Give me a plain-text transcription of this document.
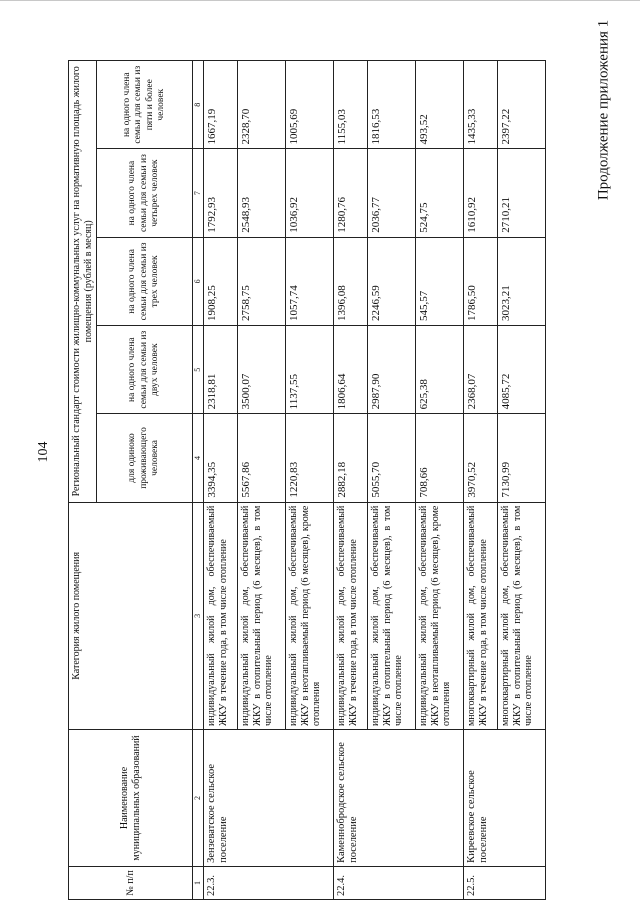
104
Продолжение приложения 1
№ п/п	Наименование муниципальных образований	Категория жилого помещения	Региональный стандарт стоимости жилищно-коммунальных услуг на нормативную площадь жилого помещения (рублей в месяц)				
			для одиноко проживающего человека	на одного члена семьи для семьи из двух человек	на одного члена семьи для семьи из трех человек	на одного члена семьи для семьи из четырех человек	на одного члена семьи для семьи из пяти и более человек
1	2	3	4	5	6	7	8
22.3.	Зензеватское сельское поселение	индивидуальный жилой дом, обеспечиваемый ЖКУ в течение года, в том числе отопление	3394,35	2318,81	1908,25	1792,93	1667,19
		индивидуальный жилой дом, обеспечиваемый ЖКУ в отопительный период (6 месяцев), в том числе отопление	5567,86	3500,07	2758,75	2548,93	2328,70
		индивидуальный жилой дом, обеспечиваемый ЖКУ в неотапливаемый период (6 месяцев), кроме отопления	1220,83	1137,55	1057,74	1036,92	1005,69
22.4.	Каменнобродское сельское поселение	индивидуальный жилой дом, обеспечиваемый ЖКУ в течение года, в том числе отопление	2882,18	1806,64	1396,08	1280,76	1155,03
		индивидуальный жилой дом, обеспечиваемый ЖКУ в отопительный период (6 месяцев), в том числе отопление	5055,70	2987,90	2246,59	2036,77	1816,53
		индивидуальный жилой дом, обеспечиваемый ЖКУ в неотапливаемый период (6 месяцев), кроме отопления	708,66	625,38	545,57	524,75	493,52
22.5.	Киреевское сельское поселение	многоквартирный жилой дом, обеспечиваемый ЖКУ в течение года, в том числе отопление	3970,52	2368,07	1786,50	1610,92	1435,33
		многоквартирный жилой дом, обеспечиваемый ЖКУ в отопительный период (6 месяцев), в том числе отопление	7130,99	4085,72	3023,21	2710,21	2397,22
